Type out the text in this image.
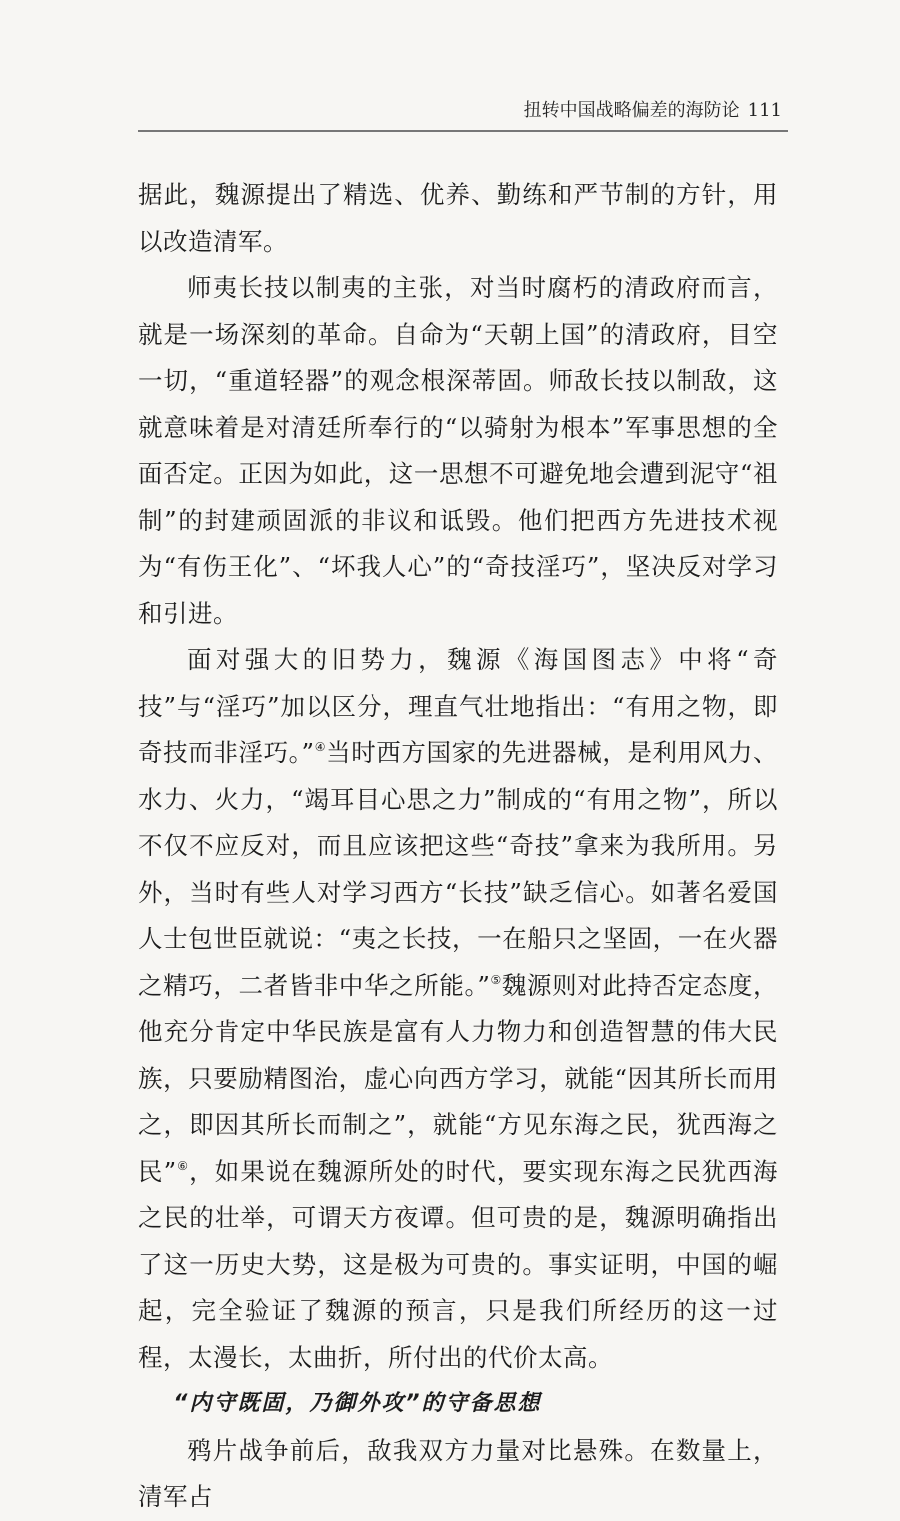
扭转中国战略偏差的海防论 111

据此，魏源提出了精选、优养、勤练和严节制的方针，用以改造清军。

师夷长技以制夷的主张，对当时腐朽的清政府而言，就是一场深刻的革命。自命为“天朝上国”的清政府，目空一切，“重道轻器”的观念根深蒂固。师敌长技以制敌，这就意味着是对清廷所奉行的“以骑射为根本”军事思想的全面否定。正因为如此，这一思想不可避免地会遭到泥守“祖制”的封建顽固派的非议和诋毁。他们把西方先进技术视为“有伤王化”、“坏我人心”的“奇技淫巧”，坚决反对学习和引进。

面对强大的旧势力，魏源《海国图志》中将“奇技”与“淫巧”加以区分，理直气壮地指出：“有用之物，即奇技而非淫巧。”④当时西方国家的先进器械，是利用风力、水力、火力，“竭耳目心思之力”制成的“有用之物”，所以不仅不应反对，而且应该把这些“奇技”拿来为我所用。另外，当时有些人对学习西方“长技”缺乏信心。如著名爱国人士包世臣就说：“夷之长技，一在船只之坚固，一在火器之精巧，二者皆非中华之所能。”⑤魏源则对此持否定态度，他充分肯定中华民族是富有人力物力和创造智慧的伟大民族，只要励精图治，虚心向西方学习，就能“因其所长而用之，即因其所长而制之”，就能“方见东海之民，犹西海之民”⑥，如果说在魏源所处的时代，要实现东海之民犹西海之民的壮举，可谓天方夜谭。但可贵的是，魏源明确指出了这一历史大势，这是极为可贵的。事实证明，中国的崛起，完全验证了魏源的预言，只是我们所经历的这一过程，太漫长，太曲折，所付出的代价太高。

“内守既固，乃御外攻”的守备思想

鸦片战争前后，敌我双方力量对比悬殊。在数量上，清军占
